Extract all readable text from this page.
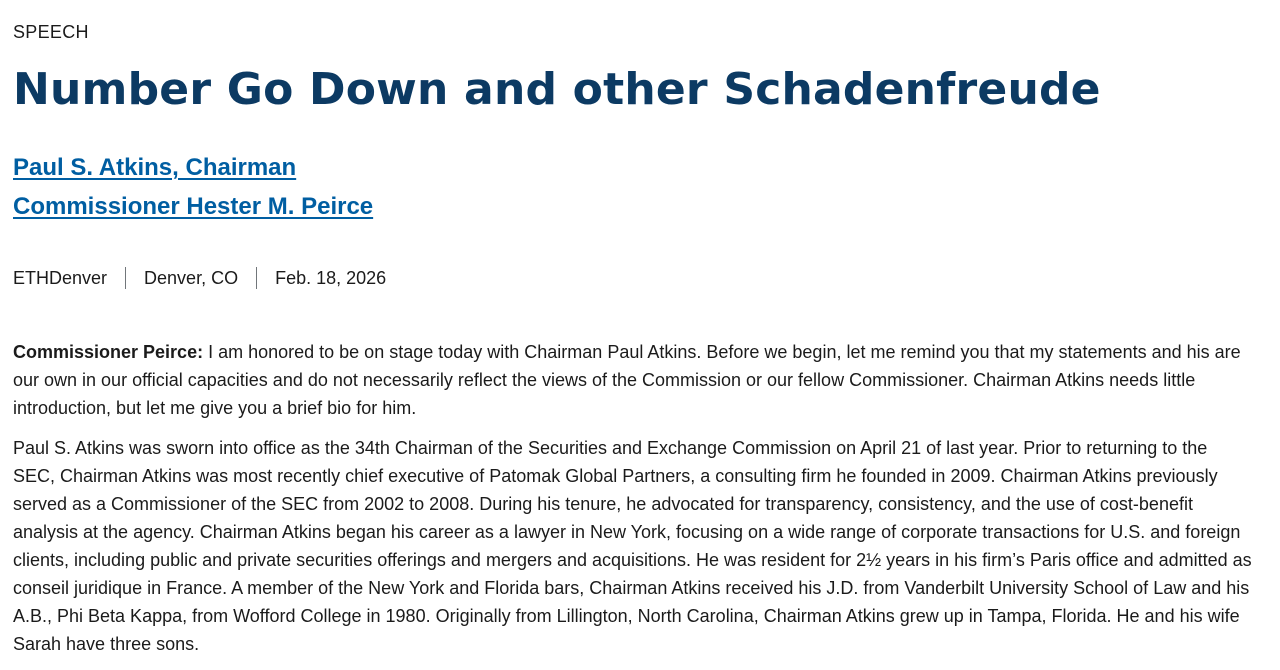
SPEECH
Number Go Down and other Schadenfreude
Paul S. Atkins, Chairman
Commissioner Hester M. Peirce
ETHDenver Denver, CO Feb. 18, 2026

Commissioner Peirce: I am honored to be on stage today with Chairman Paul Atkins. Before we begin, let me remind you that my statements and his are our own in our official capacities and do not necessarily reflect the views of the Commission or our fellow Commissioner. Chairman Atkins needs little introduction, but let me give you a brief bio for him.

Paul S. Atkins was sworn into office as the 34th Chairman of the Securities and Exchange Commission on April 21 of last year. Prior to returning to the SEC, Chairman Atkins was most recently chief executive of Patomak Global Partners, a consulting firm he founded in 2009. Chairman Atkins previously served as a Commissioner of the SEC from 2002 to 2008. During his tenure, he advocated for transparency, consistency, and the use of cost-benefit analysis at the agency. Chairman Atkins began his career as a lawyer in New York, focusing on a wide range of corporate transactions for U.S. and foreign clients, including public and private securities offerings and mergers and acquisitions. He was resident for 2½ years in his firm’s Paris office and admitted as conseil juridique in France. A member of the New York and Florida bars, Chairman Atkins received his J.D. from Vanderbilt University School of Law and his A.B., Phi Beta Kappa, from Wofford College in 1980. Originally from Lillington, North Carolina, Chairman Atkins grew up in Tampa, Florida. He and his wife Sarah have three sons.
